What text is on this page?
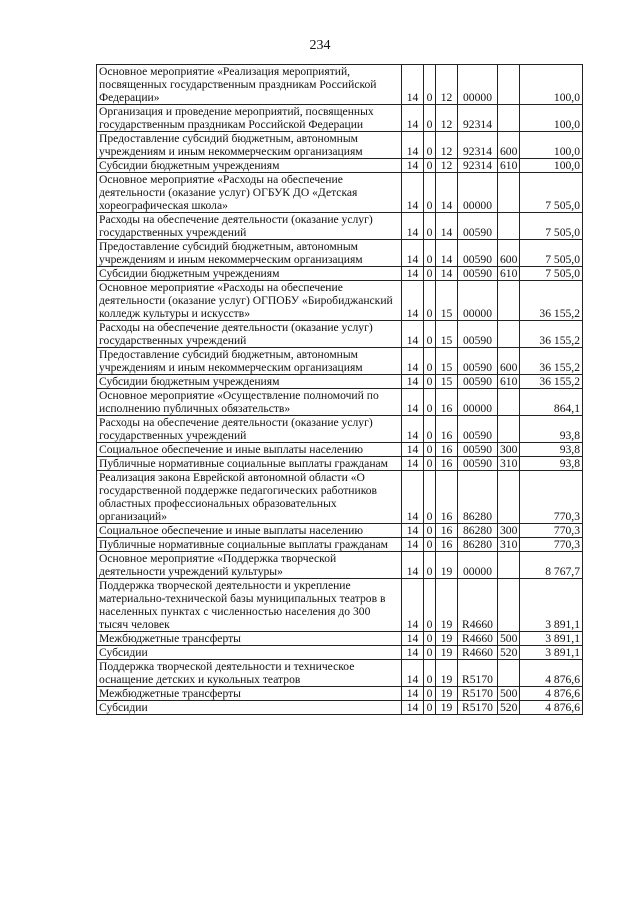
234
Основное мероприятие «Реализация мероприятий, посвященных государственным праздникам Российской Федерации»	14	0	12	00000		100,0
Организация и проведение мероприятий, посвященных государственным праздникам Российской Федерации	14	0	12	92314		100,0
Предоставление субсидий бюджетным, автономным учреждениям и иным некоммерческим организациям	14	0	12	92314	600	100,0
Субсидии бюджетным учреждениям	14	0	12	92314	610	100,0
Основное мероприятие «Расходы на обеспечение деятельности (оказание услуг) ОГБУК ДО «Детская хореографическая школа»	14	0	14	00000		7 505,0
Расходы на обеспечение деятельности (оказание услуг) государственных учреждений	14	0	14	00590		7 505,0
Предоставление субсидий бюджетным, автономным учреждениям и иным некоммерческим организациям	14	0	14	00590	600	7 505,0
Субсидии бюджетным учреждениям	14	0	14	00590	610	7 505,0
Основное мероприятие «Расходы на обеспечение деятельности (оказание услуг) ОГПОБУ «Биробиджанский колледж культуры и искусств»	14	0	15	00000		36 155,2
Расходы на обеспечение деятельности (оказание услуг) государственных учреждений	14	0	15	00590		36 155,2
Предоставление субсидий бюджетным, автономным учреждениям и иным некоммерческим организациям	14	0	15	00590	600	36 155,2
Субсидии бюджетным учреждениям	14	0	15	00590	610	36 155,2
Основное мероприятие «Осуществление полномочий по исполнению публичных обязательств»	14	0	16	00000		864,1
Расходы на обеспечение деятельности (оказание услуг) государственных учреждений	14	0	16	00590		93,8
Социальное обеспечение и иные выплаты населению	14	0	16	00590	300	93,8
Публичные нормативные социальные выплаты гражданам	14	0	16	00590	310	93,8
Реализация закона Еврейской автономной области «О государственной поддержке педагогических работников областных профессиональных образовательных организаций»	14	0	16	86280		770,3
Социальное обеспечение и иные выплаты населению	14	0	16	86280	300	770,3
Публичные нормативные социальные выплаты гражданам	14	0	16	86280	310	770,3
Основное мероприятие «Поддержка творческой деятельности учреждений культуры»	14	0	19	00000		8 767,7
Поддержка творческой деятельности и укрепление материально-технической базы муниципальных театров в населенных пунктах с численностью населения до 300 тысяч человек	14	0	19	R4660		3 891,1
Межбюджетные трансферты	14	0	19	R4660	500	3 891,1
Субсидии	14	0	19	R4660	520	3 891,1
Поддержка творческой деятельности и техническое оснащение детских и кукольных театров	14	0	19	R5170		4 876,6
Межбюджетные трансферты	14	0	19	R5170	500	4 876,6
Субсидии	14	0	19	R5170	520	4 876,6
